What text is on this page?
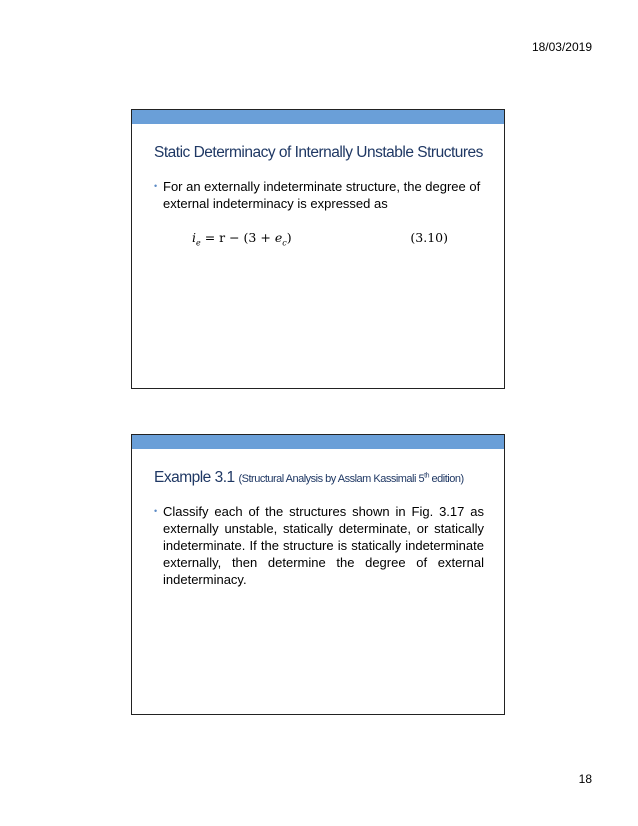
18/03/2019
Static Determinacy of Internally Unstable Structures
• For an externally indeterminate structure, the degree of external indeterminacy is expressed as
$i_e = r - (3 + e_c)$	(3.10)
Example 3.1 (Structural Analysis by Asslam Kassimali 5th edition)
• Classify each of the structures shown in Fig. 3.17 as externally unstable, statically determinate, or statically indeterminate. If the structure is statically indeterminate externally, then determine the degree of external indeterminacy.
18
